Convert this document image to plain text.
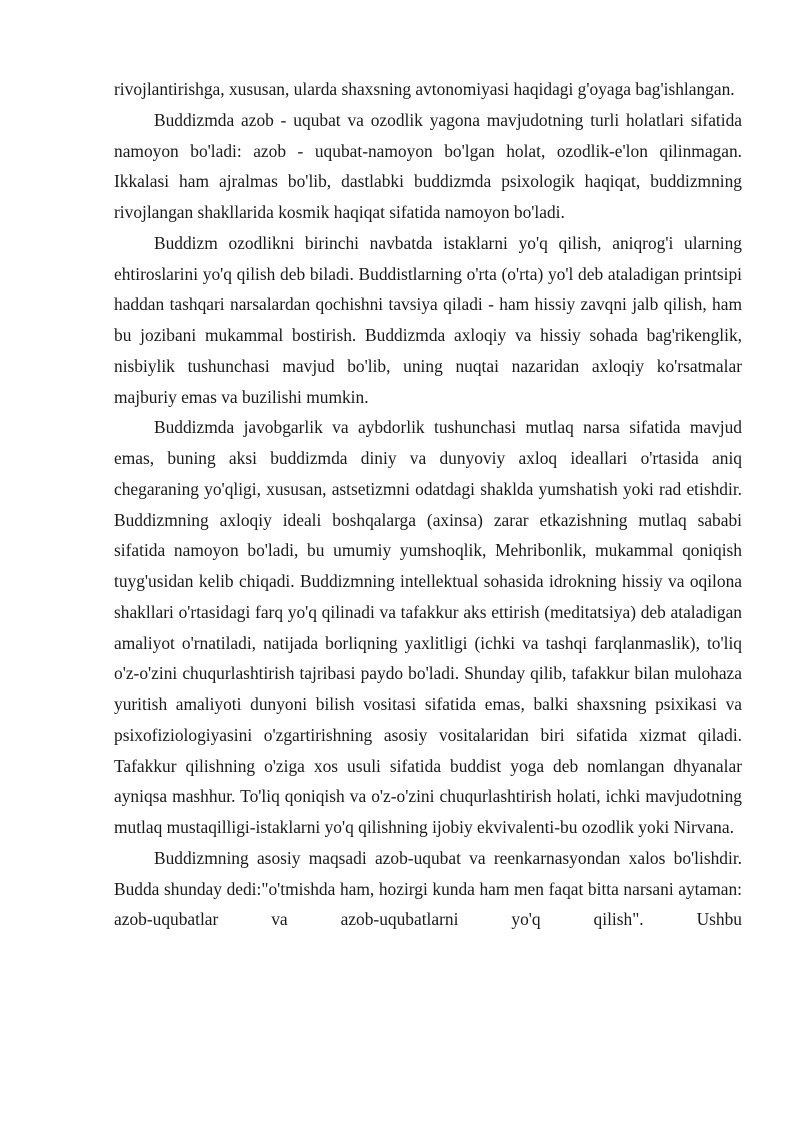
rivojlantirishga, xususan, ularda shaxsning avtonomiyasi haqidagi g'oyaga bag'ishlangan.

Buddizmda azob - uqubat va ozodlik yagona mavjudotning turli holatlari sifatida namoyon bo'ladi: azob - uqubat-namoyon bo'lgan holat, ozodlik-e'lon qilinmagan. Ikkalasi ham ajralmas bo'lib, dastlabki buddizmda psixologik haqiqat, buddizmning rivojlangan shakllarida kosmik haqiqat sifatida namoyon bo'ladi.

Buddizm ozodlikni birinchi navbatda istaklarni yo'q qilish, aniqrog'i ularning ehtiroslarini yo'q qilish deb biladi. Buddistlarning o'rta (o'rta) yo'l deb ataladigan printsipi haddan tashqari narsalardan qochishni tavsiya qiladi - ham hissiy zavqni jalb qilish, ham bu jozibani mukammal bostirish. Buddizmda axloqiy va hissiy sohada bag'rikenglik, nisbiylik tushunchasi mavjud bo'lib, uning nuqtai nazaridan axloqiy ko'rsatmalar majburiy emas va buzilishi mumkin.

Buddizmda javobgarlik va aybdorlik tushunchasi mutlaq narsa sifatida mavjud emas, buning aksi buddizmda diniy va dunyoviy axloq ideallari o'rtasida aniq chegaraning yo'qligi, xususan, astsetizmni odatdagi shaklda yumshatish yoki rad etishdir. Buddizmning axloqiy ideali boshqalarga (axinsa) zarar etkazishning mutlaq sababi sifatida namoyon bo'ladi, bu umumiy yumshoqlik, Mehribonlik, mukammal qoniqish tuyg'usidan kelib chiqadi. Buddizmning intellektual sohasida idrokning hissiy va oqilona shakllari o'rtasidagi farq yo'q qilinadi va tafakkur aks ettirish (meditatsiya) deb ataladigan amaliyot o'rnatiladi, natijada borliqning yaxlitligi (ichki va tashqi farqlanmaslik), to'liq o'z-o'zini chuqurlashtirish tajribasi paydo bo'ladi. Shunday qilib, tafakkur bilan mulohaza yuritish amaliyoti dunyoni bilish vositasi sifatida emas, balki shaxsning psixikasi va psixofiziologiyasini o'zgartirishning asosiy vositalaridan biri sifatida xizmat qiladi. Tafakkur qilishning o'ziga xos usuli sifatida buddist yoga deb nomlangan dhyanalar ayniqsa mashhur. To'liq qoniqish va o'z-o'zini chuqurlashtirish holati, ichki mavjudotning mutlaq mustaqilligi-istaklarni yo'q qilishning ijobiy ekvivalenti-bu ozodlik yoki Nirvana.

Buddizmning asosiy maqsadi azob-uqubat va reenkarnasyondan xalos bo'lishdir. Budda shunday dedi:"o'tmishda ham, hozirgi kunda ham men faqat bitta narsani aytaman: azob-uqubatlar va azob-uqubatlarni yo'q qilish". Ushbu
